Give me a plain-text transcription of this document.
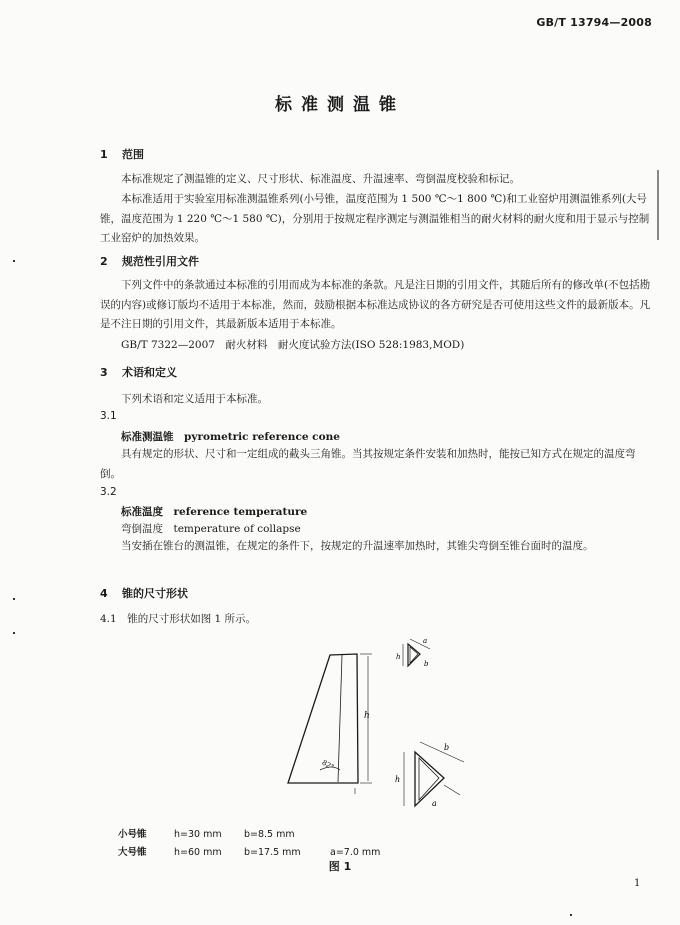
GB/T 13794—2008
标准测温锥
1 范围
本标准规定了测温锥的定义、尺寸形状、标准温度、升温速率、弯倒温度校验和标记。
本标准适用于实验室用标准测温锥系列(小号锥，温度范围为 1 500 ℃～1 800 ℃)和工业窑炉用测温锥系列(大号锥，温度范围为 1 220 ℃～1 580 ℃)，分别用于按规定程序测定与测温锥相当的耐火材料的耐火度和用于显示与控制工业窑炉的加热效果。
2 规范性引用文件
下列文件中的条款通过本标准的引用而成为本标准的条款。凡是注日期的引用文件，其随后所有的修改单(不包括勘误的内容)或修订版均不适用于本标准，然而，鼓励根据本标准达成协议的各方研究是否可使用这些文件的最新版本。凡是不注日期的引用文件，其最新版本适用于本标准。
GB/T 7322—2007　耐火材料　耐火度试验方法(ISO 528:1983,MOD)
3 术语和定义
下列术语和定义适用于本标准。
3.1
标准测温锥　pyrometric reference cone
具有规定的形状、尺寸和一定组成的截头三角锥。当其按规定条件安装和加热时，能按已知方式在规定的温度弯倒。
3.2
标准温度　reference temperature
弯倒温度　temperature of collapse
当安插在锥台的测温锥，在规定的条件下，按规定的升温速率加热时，其锥尖弯倒至锥台面时的温度。
4 锥的尺寸形状
4.1　 锥的尺寸形状如图 1 所示。
h
82°
a
h
b
b
h
a
小号锥	h=30 mm b=8.5 mm
大号锥	h=60 mm b=17.5 mm	a=7.0 mm
图 1
1
